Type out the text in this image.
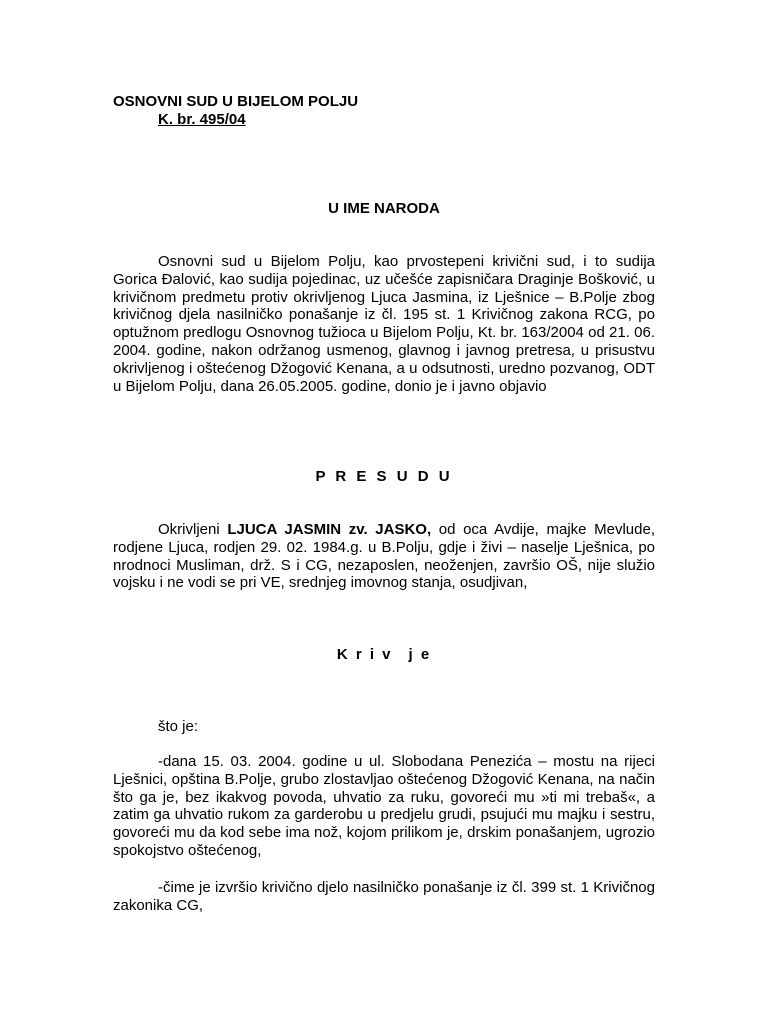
OSNOVNI SUD U BIJELOM POLJU

K. br. 495/04

U IME NARODA

Osnovni sud u Bijelom Polju, kao prvostepeni krivični sud, i to sudija Gorica Đalović, kao sudija pojedinac, uz učešće zapisničara Draginje Bošković, u krivičnom predmetu protiv okrivljenog Ljuca Jasmina, iz Lješnice – B.Polje zbog krivičnog djela nasilničko ponašanje iz čl. 195 st. 1 Krivičnog zakona RCG, po optužnom predlogu Osnovnog tužioca u Bijelom Polju, Kt. br. 163/2004 od 21. 06. 2004. godine, nakon održanog usmenog, glavnog i javnog pretresa, u prisustvu okrivljenog i oštećenog Džogović Kenana, a u odsutnosti, uredno pozvanog, ODT u Bijelom Polju, dana 26.05.2005. godine, donio je i javno objavio

P R E S U D U

Okrivljeni LJUCA JASMIN zv. JASKO, od oca Avdije, majke Mevlude, rodjene Ljuca, rodjen 29. 02. 1984.g. u B.Polju, gdje i živi – naselje Lješnica, po nrodnoci Musliman, drž. S i CG, nezaposlen, neoženjen, završio OŠ, nije služio vojsku i ne vodi se pri VE, srednjeg imovnog stanja, osudjivan,

K r i v j e

što je:

-dana 15. 03. 2004. godine u ul. Slobodana Penezića – mostu na rijeci Lješnici, opština B.Polje, grubo zlostavljao oštećenog Džogović Kenana, na način što ga je, bez ikakvog povoda, uhvatio za ruku, govoreći mu »ti mi trebaš«, a zatim ga uhvatio rukom za garderobu u predjelu grudi, psujući mu majku i sestru, govoreći mu da kod sebe ima nož, kojom prilikom je, drskim ponašanjem, ugrozio spokojstvo oštećenog,

-čime je izvršio krivično djelo nasilničko ponašanje iz čl. 399 st. 1 Krivičnog zakonika CG,
